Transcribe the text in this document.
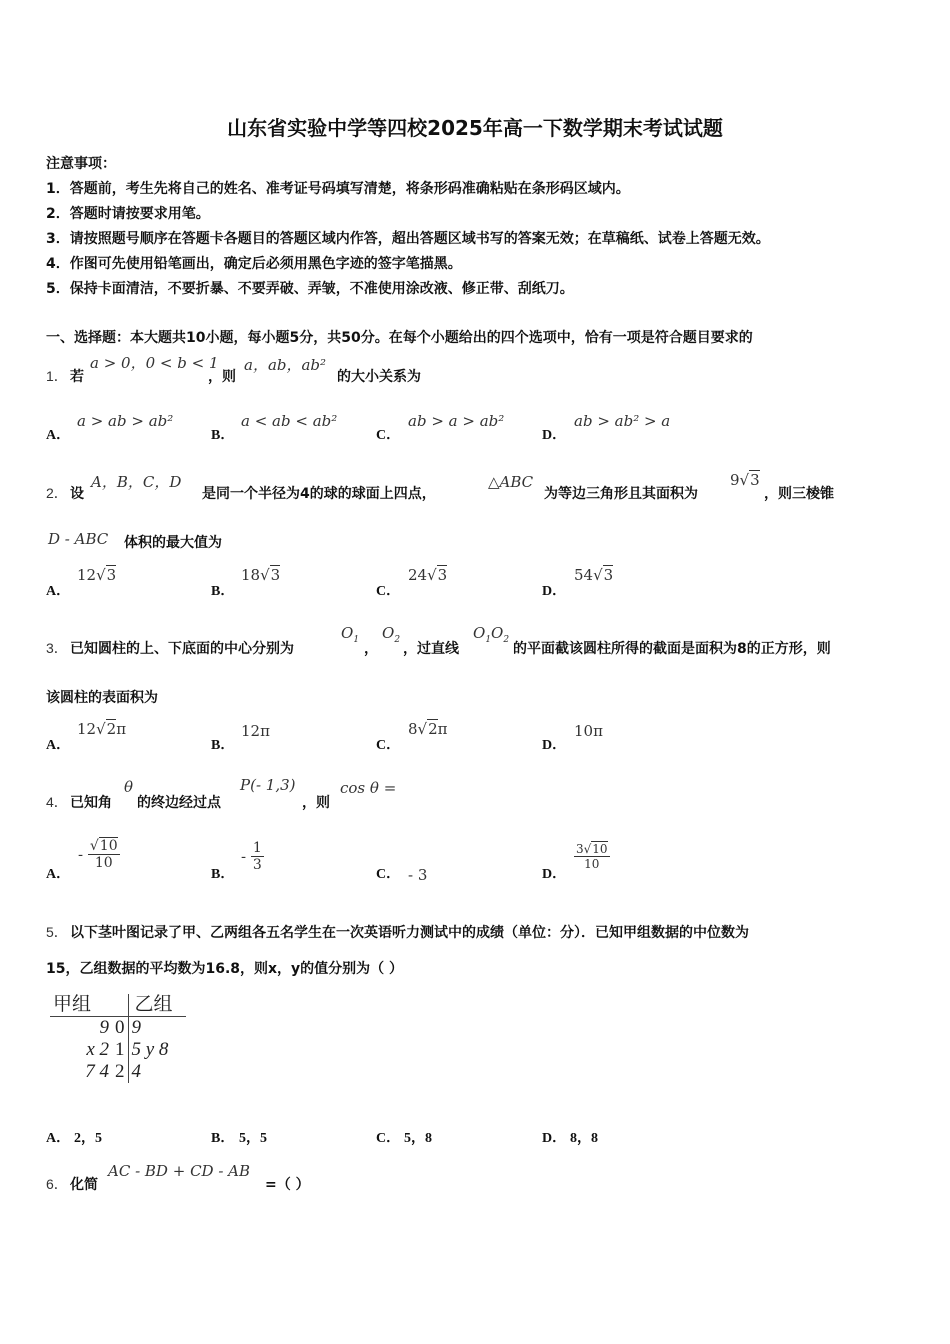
山东省实验中学等四校2025年高一下数学期末考试试题
注意事项：
1．答题前，考生先将自己的姓名、准考证号码填写清楚，将条形码准确粘贴在条形码区域内。
2．答题时请按要求用笔。
3．请按照题号顺序在答题卡各题目的答题区域内作答，超出答题区域书写的答案无效；在草稿纸、试卷上答题无效。
4．作图可先使用铅笔画出，确定后必须用黑色字迹的签字笔描黑。
5．保持卡面清洁，不要折暴、不要弄破、弄皱，不准使用涂改液、修正带、刮纸刀。
一、选择题：本大题共10小题，每小题5分，共50分。在每个小题给出的四个选项中，恰有一项是符合题目要求的
1． 若
a > 0，0 < b < 1
，则
a，ab，ab²
的大小关系为
A．
a > ab > ab²
B．
a < ab < ab²
C．
ab > a > ab²
D．
ab > ab² > a
2． 设
A，B，C，D
是同一个半径为4的球的球面上四点，
△ABC
为等边三角形且其面积为
9√3
，则三棱锥
D - ABC 体积的最大值为
A．
12√3
B．
18√3
C．
24√3
D．
54√3
3． 已知圆柱的上、下底面的中心分别为
$O_1$
，
$O_2$
，过直线
$O_1O_2$
的平面截该圆柱所得的截面是面积为8的正方形，则
该圆柱的表面积为
A．
12√2π
B．
12π
C．
8√2π
D．
10π
4． 已知角
θ
的终边经过点
P(- 1,3)
，则
cos θ =
A．
- $\frac{√10}{10}$
B．
- $\frac{1}{3}$
C． - 3	D．
$\frac{3√10}{10}$
5． 以下茎叶图记录了甲、乙两组各五名学生在一次英语听力测试中的成绩（单位：分）．已知甲组数据的中位数为
15，乙组数据的平均数为16.8，则x，y的值分别为（ ）
甲组		乙组
9	0	9
x 2	1	5 y 8
7 4	2	4
A． 2，5	B． 5，5	C． 5，8	D． 8，8
6． 化简
AC - BD + CD - AB
=（ ）
